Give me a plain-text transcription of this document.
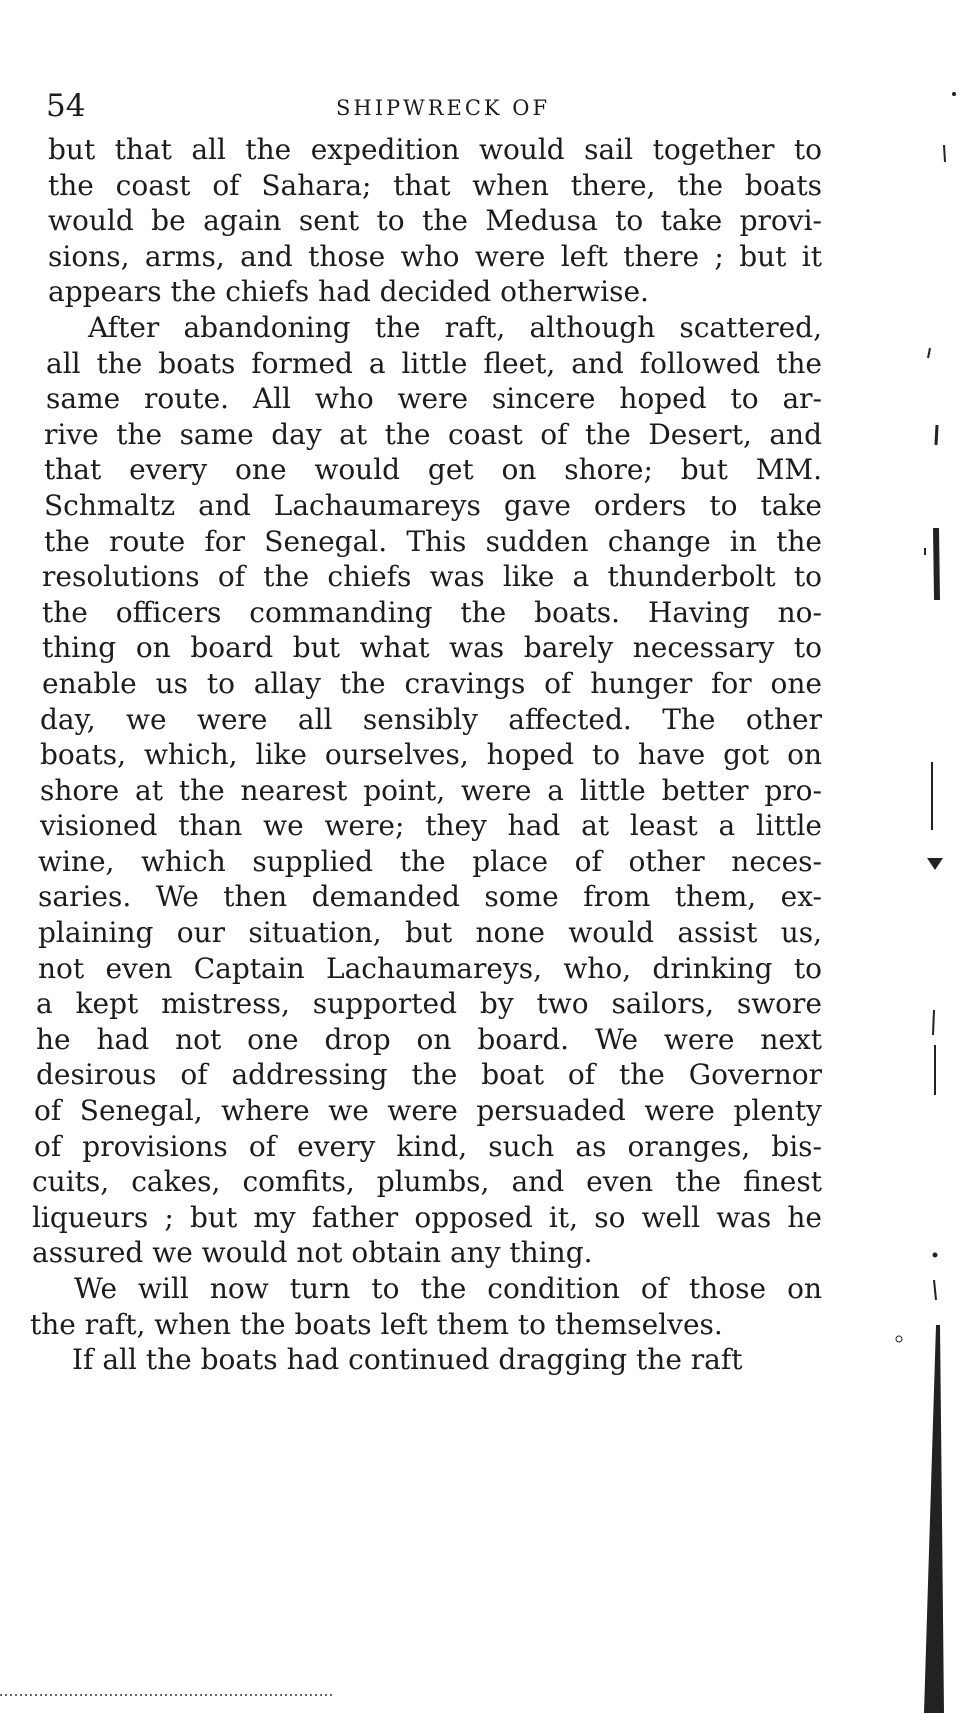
54	SHIPWRECK OF
but that all the expedition would sail together to
the coast of Sahara; that when there, the boats
would be again sent to the Medusa to take provi-
sions, arms, and those who were left there ; but it
appears the chiefs had decided otherwise.
After abandoning the raft, although scattered,
all the boats formed a little fleet, and followed the
same route. All who were sincere hoped to ar-
rive the same day at the coast of the Desert, and
that every one would get on shore; but MM.
Schmaltz and Lachaumareys gave orders to take
the route for Senegal. This sudden change in the
resolutions of the chiefs was like a thunderbolt to
the officers commanding the boats. Having no-
thing on board but what was barely necessary to
enable us to allay the cravings of hunger for one
day, we were all sensibly affected. The other
boats, which, like ourselves, hoped to have got on
shore at the nearest point, were a little better pro-
visioned than we were; they had at least a little
wine, which supplied the place of other neces-
saries. We then demanded some from them, ex-
plaining our situation, but none would assist us,
not even Captain Lachaumareys, who, drinking to
a kept mistress, supported by two sailors, swore
he had not one drop on board. We were next
desirous of addressing the boat of the Governor
of Senegal, where we were persuaded were plenty
of provisions of every kind, such as oranges, bis-
cuits, cakes, comfits, plumbs, and even the finest
liqueurs ; but my father opposed it, so well was he
assured we would not obtain any thing.
We will now turn to the condition of those on
the raft, when the boats left them to themselves.
If all the boats had continued dragging the raft
